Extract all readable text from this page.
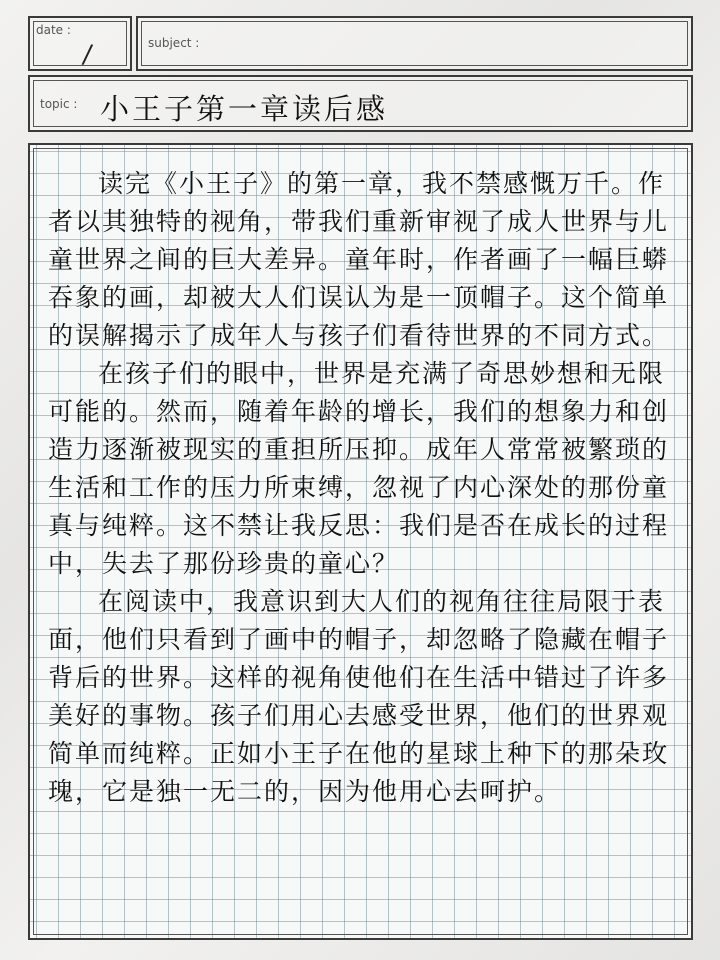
date :
/	subject :
topic : 小王子第一章读后感

读完《小王子》的第一章，我不禁感慨万千。作者以其独特的视角，带我们重新审视了成人世界与儿童世界之间的巨大差异。童年时，作者画了一幅巨蟒吞象的画，却被大人们误认为是一顶帽子。这个简单的误解揭示了成年人与孩子们看待世界的不同方式。

在孩子们的眼中，世界是充满了奇思妙想和无限可能的。然而，随着年龄的增长，我们的想象力和创造力逐渐被现实的重担所压抑。成年人常常被繁琐的生活和工作的压力所束缚，忽视了内心深处的那份童真与纯粹。这不禁让我反思：我们是否在成长的过程中，失去了那份珍贵的童心？

在阅读中，我意识到大人们的视角往往局限于表面，他们只看到了画中的帽子，却忽略了隐藏在帽子背后的世界。这样的视角使他们在生活中错过了许多美好的事物。孩子们用心去感受世界，他们的世界观简单而纯粹。正如小王子在他的星球上种下的那朵玫瑰，它是独一无二的，因为他用心去呵护。
